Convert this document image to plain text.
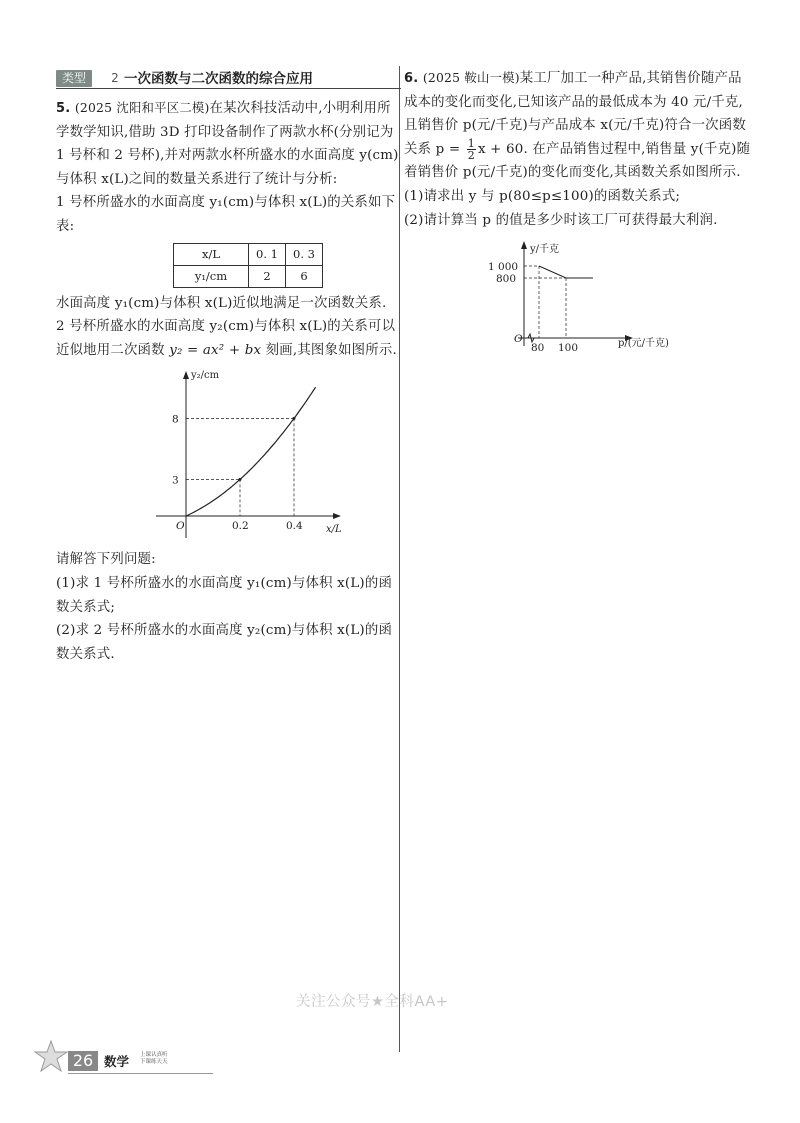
类型	2 一次函数与二次函数的综合应用

5. (2025 沈阳和平区二模)在某次科技活动中,小明利用所学数学知识,借助 3D 打印设备制作了两款水杯(分别记为 1 号杯和 2 号杯),并对两款水杯所盛水的水面高度 y(cm)与体积 x(L)之间的数量关系进行了统计与分析:

1 号杯所盛水的水面高度 y₁(cm)与体积 x(L)的关系如下表:

x/L	0. 1	0. 3
y₁/cm	2	6

水面高度 y₁(cm)与体积 x(L)近似地满足一次函数关系.

2 号杯所盛水的水面高度 y₂(cm)与体积 x(L)的关系可以近似地用二次函数 y₂ = ax² + bx 刻画,其图象如图所示.

O
y₂/cm
x/L
0.2	0.4
8
3

请解答下列问题:

(1)求 1 号杯所盛水的水面高度 y₁(cm)与体积 x(L)的函数关系式;

(2)求 2 号杯所盛水的水面高度 y₂(cm)与体积 x(L)的函数关系式.

6. (2025 鞍山一模)某工厂加工一种产品,其销售价随产品成本的变化而变化,已知该产品的最低成本为 40 元/千克,且销售价 p(元/千克)与产品成本 x(元/千克)符合一次函数关系 $p = \frac{1}{2}$ x + 60. 在产品销售过程中,销售量 y(千克)随着销售价 p(元/千克)的变化而变化,其函数关系如图所示.

(1)请求出 y 与 p(80≤p≤100)的函数关系式;

(2)请计算当 p 的值是多少时该工厂可获得最大利润.

O
y/千克
p/(元/千克)
80 100
1 000
800
关注公众号★全科AA+
26 数学 上课认真听
下课练天天
